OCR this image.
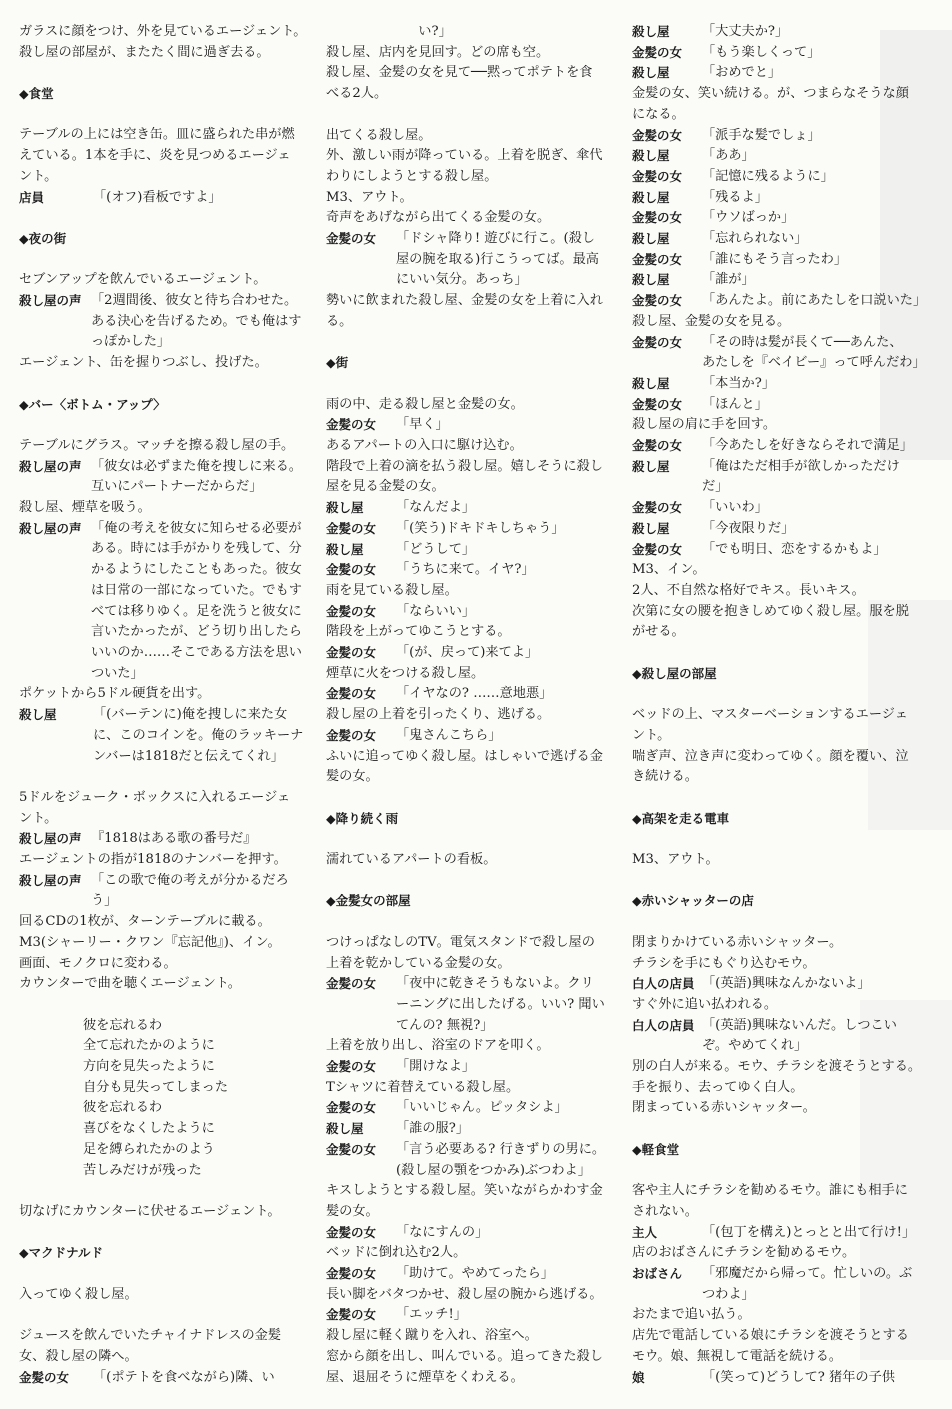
ガラスに顔をつけ、外を見ているエージェント。
殺し屋の部屋が、またたく間に過ぎ去る。
◆食堂
テーブルの上には空き缶。皿に盛られた串が燃
えている。1本を手に、炎を見つめるエージェ
ント。
店員	「(オフ)看板ですよ」
◆夜の街
セブンアップを飲んでいるエージェント。
殺し屋の声 「2週間後、彼女と待ち合わせた。
ある決心を告げるため。でも俺はす
っぽかした」
エージェント、缶を握りつぶし、投げた。
◆バー〈ボトム・アップ〉
テーブルにグラス。マッチを擦る殺し屋の手。
殺し屋の声 「彼女は必ずまた俺を捜しに来る。
互いにパートナーだからだ」
殺し屋、煙草を吸う。
殺し屋の声 「俺の考えを彼女に知らせる必要が
ある。時には手がかりを残して、分
かるようにしたこともあった。彼女
は日常の一部になっていた。でもす
べては移りゆく。足を洗うと彼女に
言いたかったが、どう切り出したら
いいのか……そこである方法を思い
ついた」
ポケットから5ドル硬貨を出す。
殺し屋	「(バーテンに)俺を捜しに来た女
に、このコインを。俺のラッキーナ
ンバーは1818だと伝えてくれ」
5ドルをジューク・ボックスに入れるエージェ
ント。
殺し屋の声 『1818はある歌の番号だ』
エージェントの指が1818のナンバーを押す。
殺し屋の声 「この歌で俺の考えが分かるだろ
う」
回るCDの1枚が、ターンテーブルに載る。
M3(シャーリー・クワン『忘記他』)、イン。
画面、モノクロに変わる。
カウンターで曲を聴くエージェント。
彼を忘れるわ
全て忘れたかのように
方向を見失ったように
自分も見失ってしまった
彼を忘れるわ
喜びをなくしたように
足を縛られたかのよう
苦しみだけが残った
切なげにカウンターに伏せるエージェント。
◆マクドナルド
入ってゆく殺し屋。
ジュースを飲んでいたチャイナドレスの金髪
女、殺し屋の隣へ。
金髪の女	「(ポテトを食べながら)隣、い
　　　　　　　い?」
殺し屋、店内を見回す。どの席も空。
殺し屋、金髪の女を見て──黙ってポテトを食
べる2人。
出てくる殺し屋。
外、激しい雨が降っている。上着を脱ぎ、傘代
わりにしようとする殺し屋。
M3、アウト。
奇声をあげながら出てくる金髪の女。
金髪の女	「ドシャ降り! 遊びに行こ。(殺し
屋の腕を取る)行こうってば。最高
にいい気分。あっち」
勢いに飲まれた殺し屋、金髪の女を上着に入れ
る。
◆街
雨の中、走る殺し屋と金髪の女。
金髪の女	「早く」
あるアパートの入口に駆け込む。
階段で上着の滴を払う殺し屋。嬉しそうに殺し
屋を見る金髪の女。
殺し屋	「なんだよ」
金髪の女	「(笑う)ドキドキしちゃう」
殺し屋	「どうして」
金髪の女	「うちに来て。イヤ?」
雨を見ている殺し屋。
金髪の女	「ならいい」
階段を上がってゆこうとする。
金髪の女	「(が、戻って)来てよ」
煙草に火をつける殺し屋。
金髪の女	「イヤなの? ……意地悪」
殺し屋の上着を引ったくり、逃げる。
金髪の女	「鬼さんこちら」
ふいに追ってゆく殺し屋。はしゃいで逃げる金
髪の女。
◆降り続く雨
濡れているアパートの看板。
◆金髪女の部屋
つけっぱなしのTV。電気スタンドで殺し屋の
上着を乾かしている金髪の女。
金髪の女	「夜中に乾きそうもないよ。クリ
ーニングに出したげる。いい? 聞い
てんの? 無視?」
上着を放り出し、浴室のドアを叩く。
金髪の女	「開けなよ」
Tシャツに着替えている殺し屋。
金髪の女	「いいじゃん。ピッタシよ」
殺し屋	「誰の服?」
金髪の女	「言う必要ある? 行きずりの男に。
(殺し屋の顎をつかみ)ぶつわよ」
キスしようとする殺し屋。笑いながらかわす金
髪の女。
金髪の女	「なにすんの」
ベッドに倒れ込む2人。
金髪の女	「助けて。やめてったら」
長い脚をバタつかせ、殺し屋の腕から逃げる。
金髪の女	「エッチ!」
殺し屋に軽く蹴りを入れ、浴室へ。
窓から顔を出し、叫んでいる。追ってきた殺し
屋、退屈そうに煙草をくわえる。
殺し屋	「大丈夫か?」
金髪の女	「もう楽しくって」
殺し屋	「おめでと」
金髪の女、笑い続ける。が、つまらなそうな顔
になる。
金髪の女	「派手な髪でしょ」
殺し屋	「ああ」
金髪の女	「記憶に残るように」
殺し屋	「残るよ」
金髪の女	「ウソばっか」
殺し屋	「忘れられない」
金髪の女	「誰にもそう言ったわ」
殺し屋	「誰が」
金髪の女	「あんたよ。前にあたしを口説いた」
殺し屋、金髪の女を見る。
金髪の女	「その時は髪が長くて──あんた、
あたしを『ベイビー』って呼んだわ」
殺し屋	「本当か?」
金髪の女	「ほんと」
殺し屋の肩に手を回す。
金髪の女	「今あたしを好きならそれで満足」
殺し屋	「俺はただ相手が欲しかっただけ
だ」
金髪の女	「いいわ」
殺し屋	「今夜限りだ」
金髪の女	「でも明日、恋をするかもよ」
M3、イン。
2人、不自然な格好でキス。長いキス。
次第に女の腰を抱きしめてゆく殺し屋。服を脱
がせる。
◆殺し屋の部屋
ベッドの上、マスターベーションするエージェ
ント。
喘ぎ声、泣き声に変わってゆく。顔を覆い、泣
き続ける。
◆高架を走る電車
M3、アウト。
◆赤いシャッターの店
閉まりかけている赤いシャッター。
チラシを手にもぐり込むモウ。
白人の店員 「(英語)興味なんかないよ」
すぐ外に追い払われる。
白人の店員 「(英語)興味ないんだ。しつこい
ぞ。やめてくれ」
別の白人が来る。モウ、チラシを渡そうとする。
手を振り、去ってゆく白人。
閉まっている赤いシャッター。
◆軽食堂
客や主人にチラシを勧めるモウ。誰にも相手に
されない。
主人	「(包丁を構え)とっとと出て行け!」
店のおばさんにチラシを勧めるモウ。
おばさん	「邪魔だから帰って。忙しいの。ぶ
つわよ」
おたまで追い払う。
店先で電話している娘にチラシを渡そうとする
モウ。娘、無視して電話を続ける。
娘	「(笑って)どうして? 猪年の子供
